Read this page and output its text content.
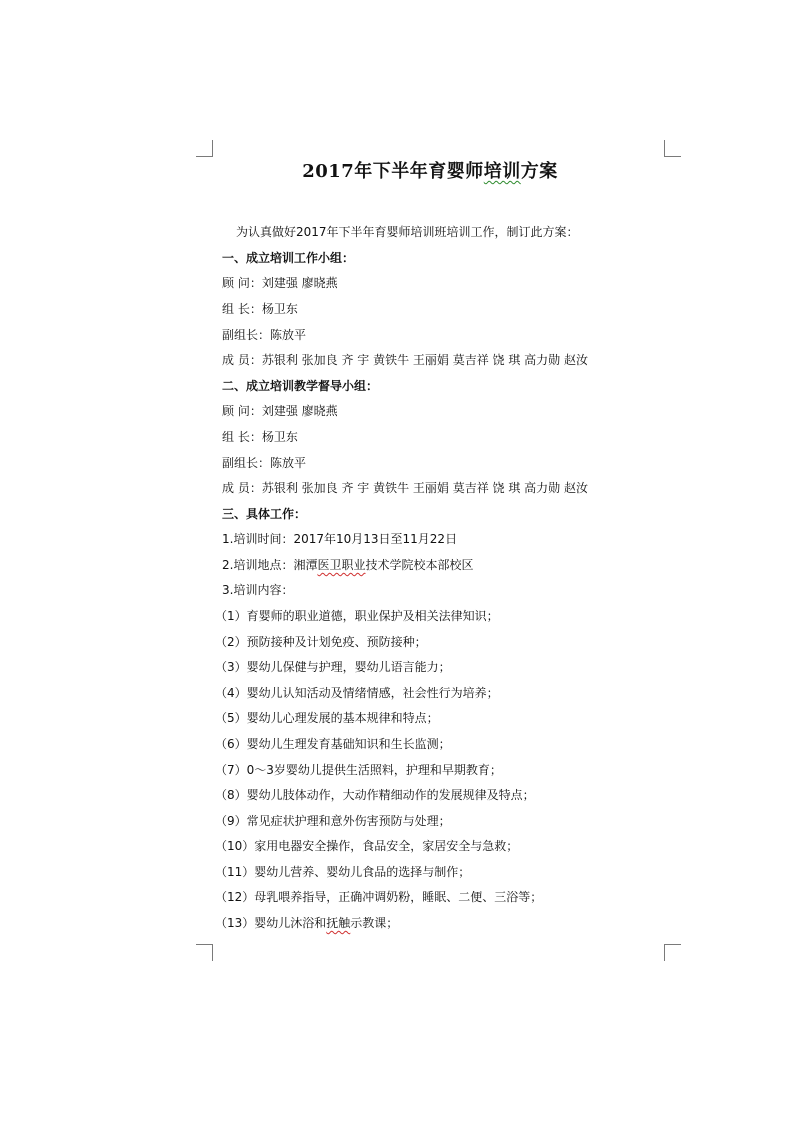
2017年下半年育婴师培训方案
为认真做好2017年下半年育婴师培训班培训工作，制订此方案：
一、成立培训工作小组：
顾 问：刘建强 廖晓燕
组 长：杨卫东
副组长：陈放平
成 员：苏银利 张加良 齐 宇 黄铁牛 王丽娟 莫吉祥 饶 琪 高力勋 赵汝
二、成立培训教学督导小组：
顾 问：刘建强 廖晓燕
组 长：杨卫东
副组长：陈放平
成 员：苏银利 张加良 齐 宇 黄铁牛 王丽娟 莫吉祥 饶 琪 高力勋 赵汝
三、具体工作：
1.培训时间：2017年10月13日至11月22日
2.培训地点：湘潭医卫职业技术学院校本部校区
3.培训内容：
（1）育婴师的职业道德，职业保护及相关法律知识；
（2）预防接种及计划免疫、预防接种；
（3）婴幼儿保健与护理，婴幼儿语言能力；
（4）婴幼儿认知活动及情绪情感，社会性行为培养；
（5）婴幼儿心理发展的基本规律和特点；
（6）婴幼儿生理发育基础知识和生长监测；
（7）0～3岁婴幼儿提供生活照料，护理和早期教育；
（8）婴幼儿肢体动作，大动作精细动作的发展规律及特点；
（9）常见症状护理和意外伤害预防与处理；
（10）家用电器安全操作，食品安全，家居安全与急救；
（11）婴幼儿营养、婴幼儿食品的选择与制作；
（12）母乳喂养指导，正确冲调奶粉，睡眠、二便、三浴等；
（13）婴幼儿沐浴和抚触示教课；
